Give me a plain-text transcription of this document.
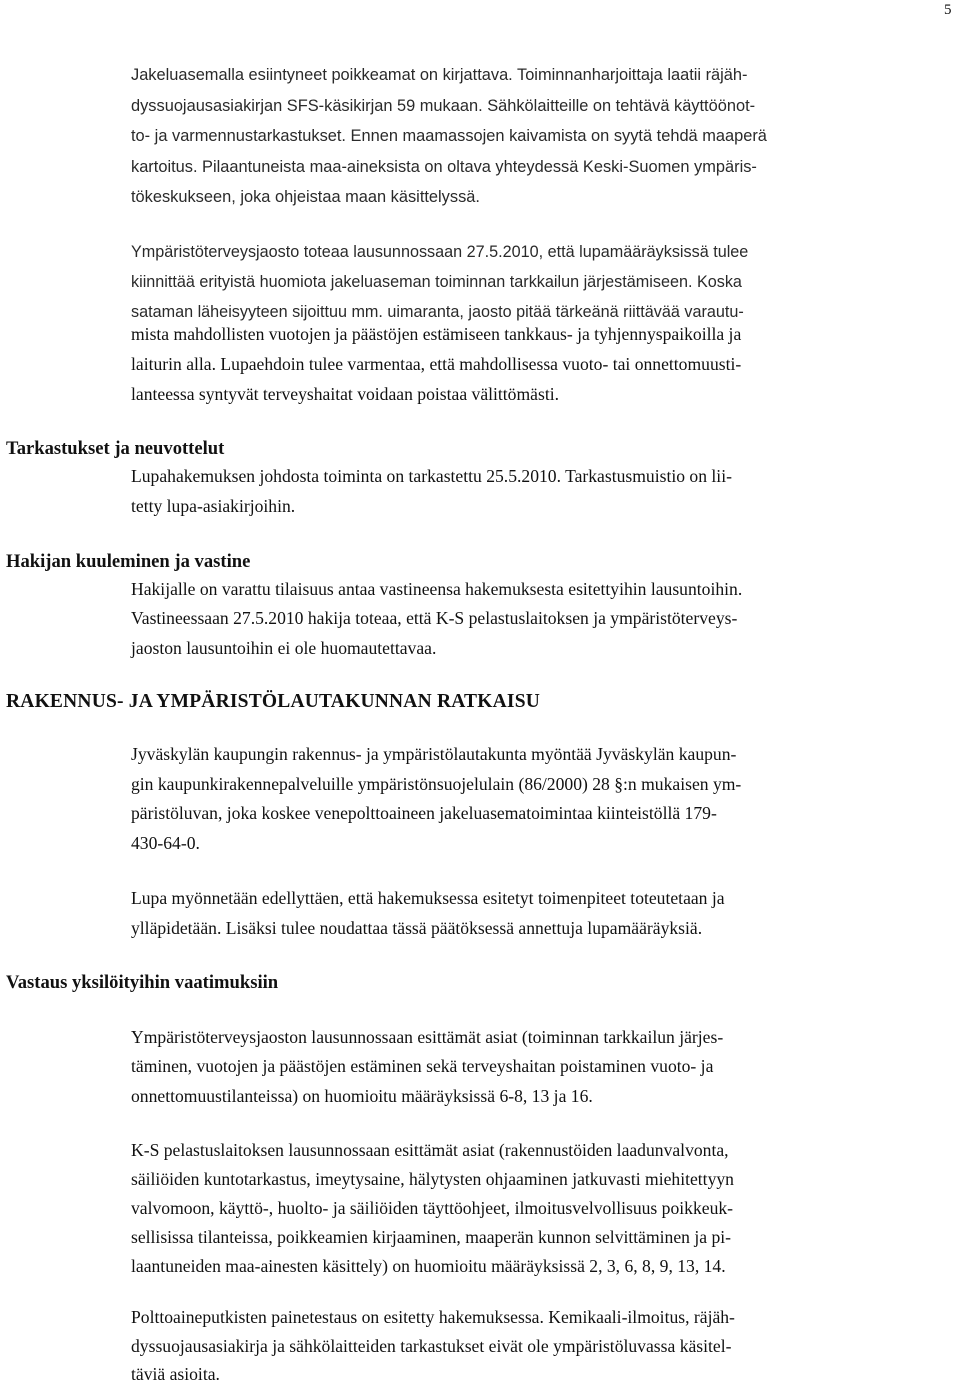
5
Jakeluasemalla esiintyneet poikkeamat on kirjattava. Toiminnanharjoittaja laatii räjäh-
dyssuojausasiakirjan SFS-käsikirjan 59 mukaan. Sähkölaitteille on tehtävä käyttöönot-
to- ja varmennustarkastukset. Ennen maamassojen kaivamista on syytä tehdä maaperä
kartoitus. Pilaantuneista maa-aineksista on oltava yhteydessä Keski-Suomen ympäris-
tökeskukseen, joka ohjeistaa maan käsittelyssä.
Ympäristöterveysjaosto toteaa lausunnossaan 27.5.2010, että lupamääräyksissä tulee
kiinnittää erityistä huomiota jakeluaseman toiminnan tarkkailun järjestämiseen. Koska
sataman läheisyyteen sijoittuu mm. uimaranta, jaosto pitää tärkeänä riittävää varautu-
mista mahdollisten vuotojen ja päästöjen estämiseen tankkaus- ja tyhjennyspaikoilla ja
laiturin alla. Lupaehdoin tulee varmentaa, että mahdollisessa vuoto- tai onnettomuusti-
lanteessa syntyvät terveyshaitat voidaan poistaa välittömästi.
Tarkastukset ja neuvottelut
Lupahakemuksen johdosta toiminta on tarkastettu 25.5.2010. Tarkastusmuistio on lii-
tetty lupa-asiakirjoihin.
Hakijan kuuleminen ja vastine
Hakijalle on varattu tilaisuus antaa vastineensa hakemuksesta esitettyihin lausuntoihin.
Vastineessaan 27.5.2010 hakija toteaa, että K-S pelastuslaitoksen ja ympäristöterveys-
jaoston lausuntoihin ei ole huomautettavaa.
RAKENNUS- JA YMPÄRISTÖLAUTAKUNNAN RATKAISU
Jyväskylän kaupungin rakennus- ja ympäristölautakunta myöntää Jyväskylän kaupun-
gin kaupunkirakennepalveluille ympäristönsuojelulain (86/2000) 28 §:n mukaisen ym-
päristöluvan, joka koskee venepolttoaineen jakeluasematoimintaa kiinteistöllä 179-
430-64-0.
Lupa myönnetään edellyttäen, että hakemuksessa esitetyt toimenpiteet toteutetaan ja
ylläpidetään. Lisäksi tulee noudattaa tässä päätöksessä annettuja lupamääräyksiä.
Vastaus yksilöityihin vaatimuksiin
Ympäristöterveysjaoston lausunnossaan esittämät asiat (toiminnan tarkkailun järjes-
täminen, vuotojen ja päästöjen estäminen sekä terveyshaitan poistaminen vuoto- ja
onnettomuustilanteissa) on huomioitu määräyksissä 6-8, 13 ja 16.
K-S pelastuslaitoksen lausunnossaan esittämät asiat (rakennustöiden laadunvalvonta,
säiliöiden kuntotarkastus, imeytysaine, hälytysten ohjaaminen jatkuvasti miehitettyyn
valvomoon, käyttö-, huolto- ja säiliöiden täyttöohjeet, ilmoitusvelvollisuus poikkeuk-
sellisissa tilanteissa, poikkeamien kirjaaminen, maaperän kunnon selvittäminen ja pi-
laantuneiden maa-ainesten käsittely) on huomioitu määräyksissä 2, 3, 6, 8, 9, 13, 14.
Polttoaineputkisten painetestaus on esitetty hakemuksessa. Kemikaali-ilmoitus, räjäh-
dyssuojausasiakirja ja sähkölaitteiden tarkastukset eivät ole ympäristöluvassa käsitel-
täviä asioita.
